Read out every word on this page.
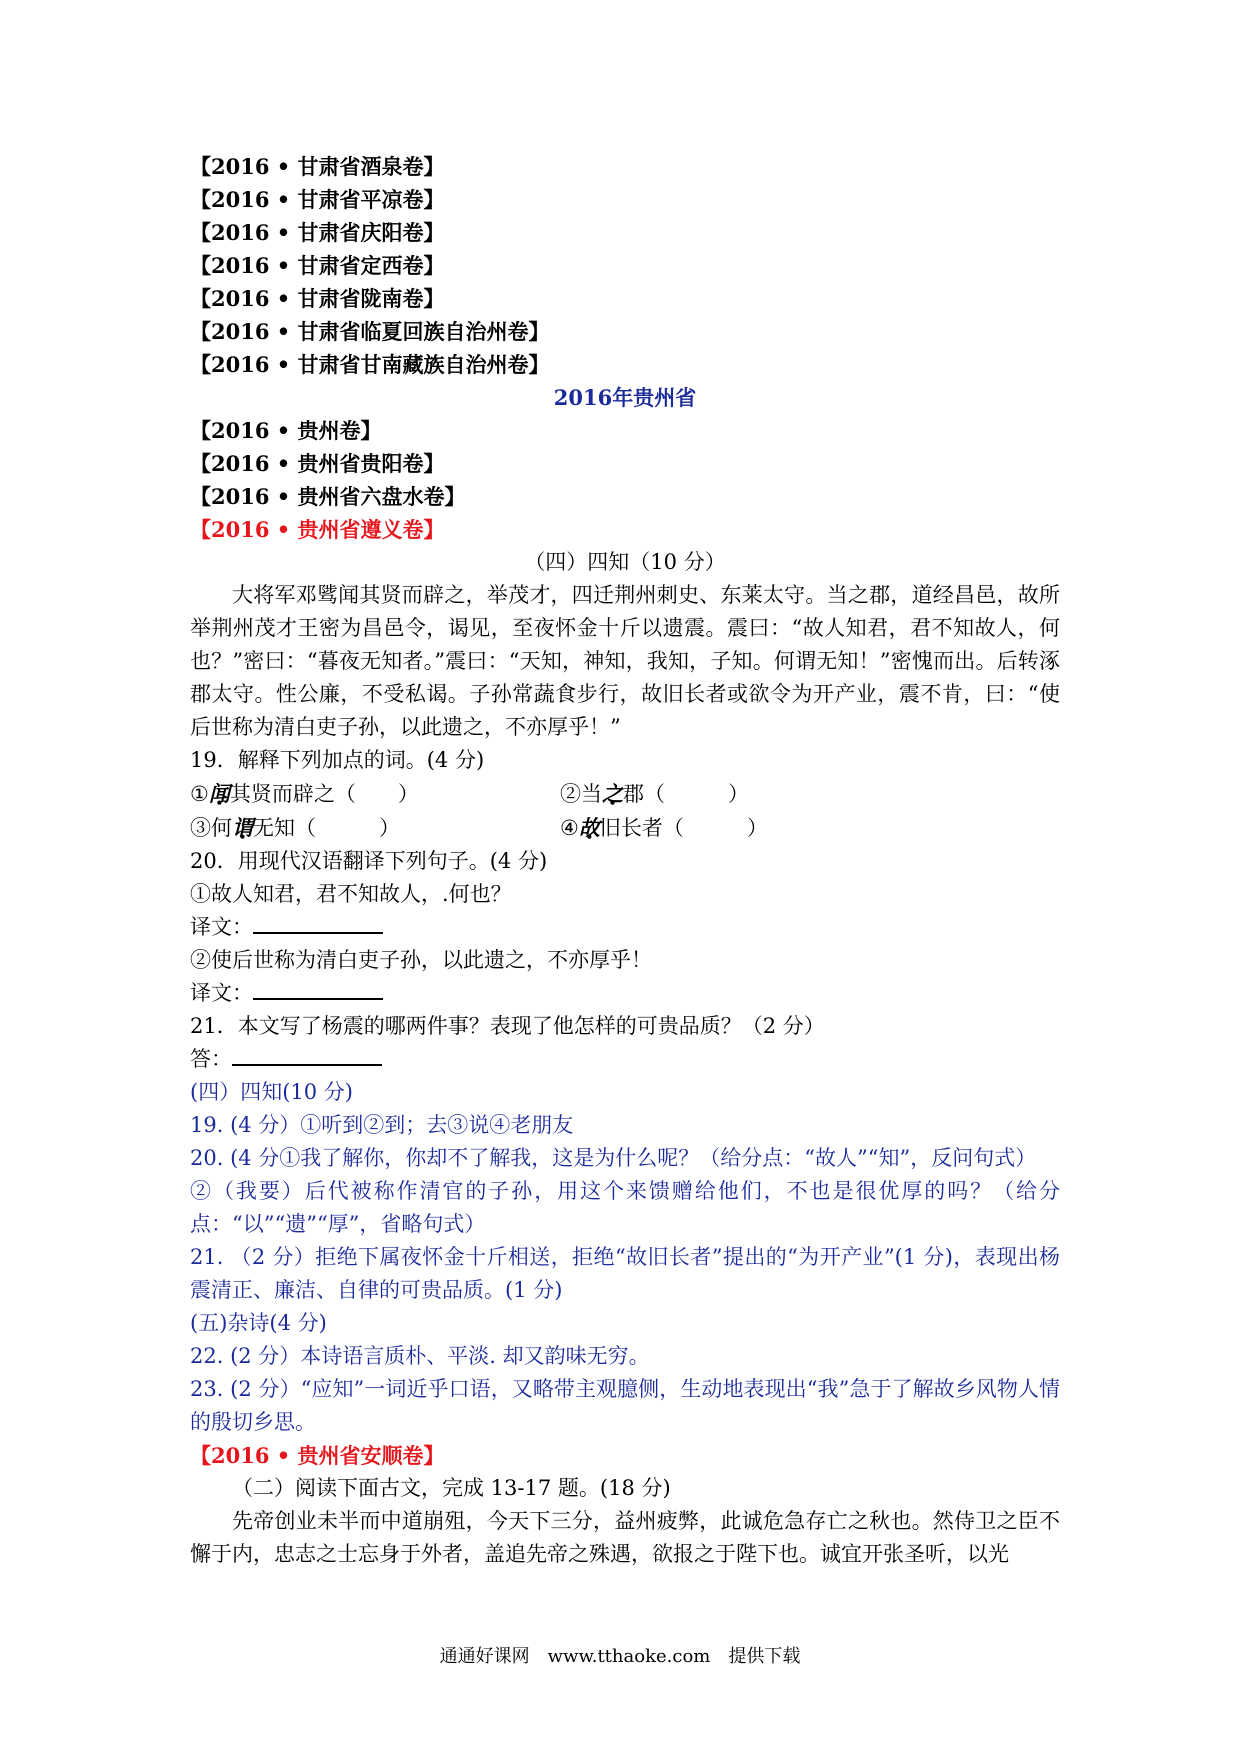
【2016 • 甘肃省酒泉卷】
【2016 • 甘肃省平凉卷】
【2016 • 甘肃省庆阳卷】
【2016 • 甘肃省定西卷】
【2016 • 甘肃省陇南卷】
【2016 • 甘肃省临夏回族自治州卷】
【2016 • 甘肃省甘南藏族自治州卷】
2016年贵州省
【2016 • 贵州卷】
【2016 • 贵州省贵阳卷】
【2016 • 贵州省六盘水卷】
【2016 • 贵州省遵义卷】
（四）四知（10 分）
大将军邓骘闻其贤而辟之，举茂才，四迁荆州刺史、东莱太守。当之郡，道经昌邑，故所举荆州茂才王密为昌邑令，谒见，至夜怀金十斤以遗震。震曰：“故人知君，君不知故人，何也？”密曰：“暮夜无知者。”震曰：“天知，神知，我知，子知。何谓无知！”密愧而出。后转涿郡太守。性公廉，不受私谒。子孙常蔬食步行，故旧长者或欲令为开产业，震不肯，曰：“使后世称为清白吏子孙，以此遗之，不亦厚乎！”
19．解释下列加点的词。(4 分)
①闻其贤而辟之（　　）	②当之郡（　　　）
③何谓无知（　　　）	④故旧长者（　　　）
20．用现代汉语翻译下列句子。(4 分)
①故人知君，君不知故人，.何也？
译文：
②使后世称为清白吏子孙，以此遗之，不亦厚乎！
译文：
21．本文写了杨震的哪两件事？表现了他怎样的可贵品质？（2 分）
答：
(四）四知(10 分)
19. (4 分）①听到②到；去③说④老朋友
20. (4 分①我了解你，你却不了解我，这是为什么呢？（给分点：“故人”“知”，反问句式）
②（我要）后代被称作清官的子孙，用这个来馈赠给他们，不也是很优厚的吗？（给分点：“以”“遗”“厚”，省略句式）
21. （2 分）拒绝下属夜怀金十斤相送，拒绝“故旧长者”提出的“为开产业”(1 分)，表现出杨震清正、廉洁、自律的可贵品质。(1 分)
(五)杂诗(4 分)
22. (2 分）本诗语言质朴、平淡. 却又韵味无穷。
23. (2 分）“应知”一词近乎口语，又略带主观臆侧，生动地表现出“我”急于了解故乡风物人情的殷切乡思。
【2016 • 贵州省安顺卷】
（二）阅读下面古文，完成 13-17 题。(18 分)
先帝创业未半而中道崩殂，今天下三分，益州疲弊，此诚危急存亡之秋也。然侍卫之臣不懈于内，忠志之士忘身于外者，盖追先帝之殊遇，欲报之于陛下也。诚宜开张圣听，以光
通通好课网　www.tthaoke.com　提供下载
